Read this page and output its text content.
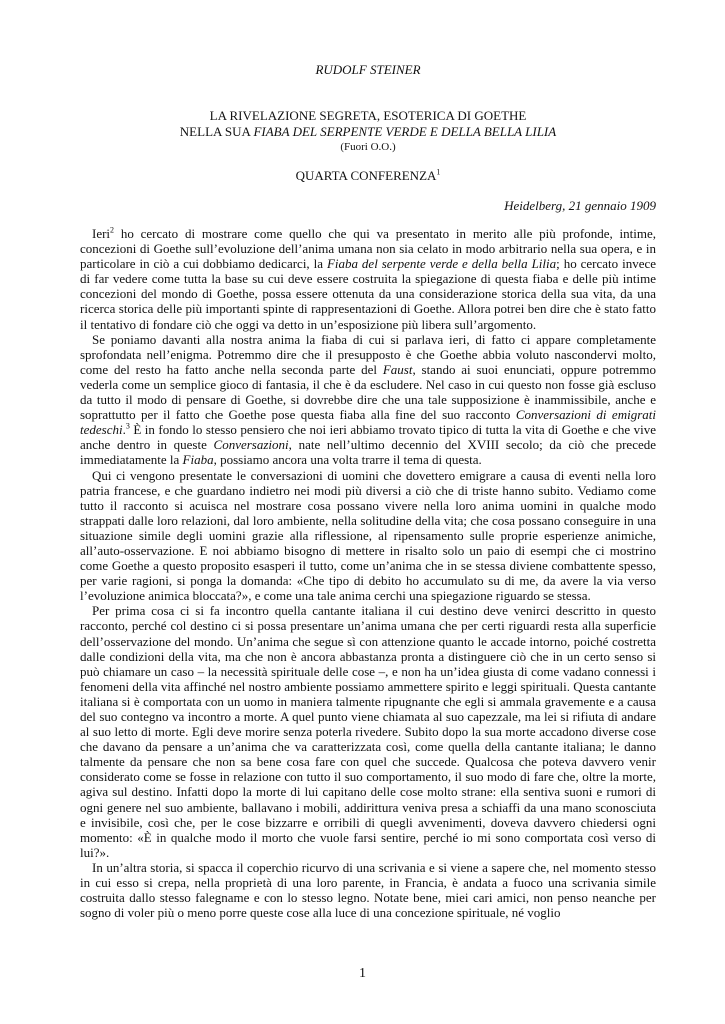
RUDOLF STEINER
LA RIVELAZIONE SEGRETA, ESOTERICA DI GOETHE
NELLA SUA FIABA DEL SERPENTE VERDE E DELLA BELLA LILIA
(Fuori O.O.)
QUARTA CONFERENZA$^1$
Heidelberg, 21 gennaio 1909

Ieri$^2$ ho cercato di mostrare come quello che qui va presentato in merito alle più profonde, intime, concezioni di Goethe sull’evoluzione dell’anima umana non sia celato in modo arbitrario nella sua opera, e in particolare in ciò a cui dobbiamo dedicarci, la Fiaba del serpente verde e della bella Lilia; ho cercato invece di far vedere come tutta la base su cui deve essere costruita la spiegazione di questa fiaba e delle più intime concezioni del mondo di Goethe, possa essere ottenuta da una considerazione storica della sua vita, da una ricerca storica delle più importanti spinte di rappresentazioni di Goethe. Allora potrei ben dire che è stato fatto il tentativo di fondare ciò che oggi va detto in un’esposizione più libera sull’argomento.

Se poniamo davanti alla nostra anima la fiaba di cui si parlava ieri, di fatto ci appare completamente sprofondata nell’enigma. Potremmo dire che il presupposto è che Goethe abbia voluto nascondervi molto, come del resto ha fatto anche nella seconda parte del Faust, stando ai suoi enunciati, oppure potremmo vederla come un semplice gioco di fantasia, il che è da escludere. Nel caso in cui questo non fosse già escluso da tutto il modo di pensare di Goethe, si dovrebbe dire che una tale supposizione è inammissibile, anche e soprattutto per il fatto che Goethe pose questa fiaba alla fine del suo racconto Conversazioni di emigrati tedeschi.$^3$ È in fondo lo stesso pensiero che noi ieri abbiamo trovato tipico di tutta la vita di Goethe e che vive anche dentro in queste Conversazioni, nate nell’ultimo decennio del XVIII secolo; da ciò che precede immediatamente la Fiaba, possiamo ancora una volta trarre il tema di questa.

Qui ci vengono presentate le conversazioni di uomini che dovettero emigrare a causa di eventi nella loro patria francese, e che guardano indietro nei modi più diversi a ciò che di triste hanno subito. Vediamo come tutto il racconto si acuisca nel mostrare cosa possano vivere nella loro anima uomini in qualche modo strappati dalle loro relazioni, dal loro ambiente, nella solitudine della vita; che cosa possano conseguire in una situazione simile degli uomini grazie alla riflessione, al ripensamento sulle proprie esperienze animiche, all’auto-osservazione. E noi abbiamo bisogno di mettere in risalto solo un paio di esempi che ci mostrino come Goethe a questo proposito esasperi il tutto, come un’anima che in se stessa diviene combattente spesso, per varie ragioni, si ponga la domanda: «Che tipo di debito ho accumulato su di me, da avere la via verso l’evoluzione animica bloccata?», e come una tale anima cerchi una spiegazione riguardo se stessa.

Per prima cosa ci si fa incontro quella cantante italiana il cui destino deve venirci descritto in questo racconto, perché col destino ci si possa presentare un’anima umana che per certi riguardi resta alla superficie dell’osservazione del mondo. Un’anima che segue sì con attenzione quanto le accade intorno, poiché costretta dalle condizioni della vita, ma che non è ancora abbastanza pronta a distinguere ciò che in un certo senso si può chiamare un caso – la necessità spirituale delle cose –, e non ha un’idea giusta di come vadano connessi i fenomeni della vita affinché nel nostro ambiente possiamo ammettere spirito e leggi spirituali. Questa cantante italiana si è comportata con un uomo in maniera talmente ripugnante che egli si ammala gravemente e a causa del suo contegno va incontro a morte. A quel punto viene chiamata al suo capezzale, ma lei si rifiuta di andare al suo letto di morte. Egli deve morire senza poterla rivedere. Subito dopo la sua morte accadono diverse cose che davano da pensare a un’anima che va caratterizzata così, come quella della cantante italiana; le danno talmente da pensare che non sa bene cosa fare con quel che succede. Qualcosa che poteva davvero venir considerato come se fosse in relazione con tutto il suo comportamento, il suo modo di fare che, oltre la morte, agiva sul destino. Infatti dopo la morte di lui capitano delle cose molto strane: ella sentiva suoni e rumori di ogni genere nel suo ambiente, ballavano i mobili, addirittura veniva presa a schiaffi da una mano sconosciuta e invisibile, così che, per le cose bizzarre e orribili di quegli avvenimenti, doveva davvero chiedersi ogni momento: «È in qualche modo il morto che vuole farsi sentire, perché io mi sono comportata così verso di lui?».

In un’altra storia, si spacca il coperchio ricurvo di una scrivania e si viene a sapere che, nel momento stesso in cui esso si crepa, nella proprietà di una loro parente, in Francia, è andata a fuoco una scrivania simile costruita dallo stesso falegname e con lo stesso legno. Notate bene, miei cari amici, non penso neanche per sogno di voler più o meno porre queste cose alla luce di una concezione spirituale, né voglio

1
